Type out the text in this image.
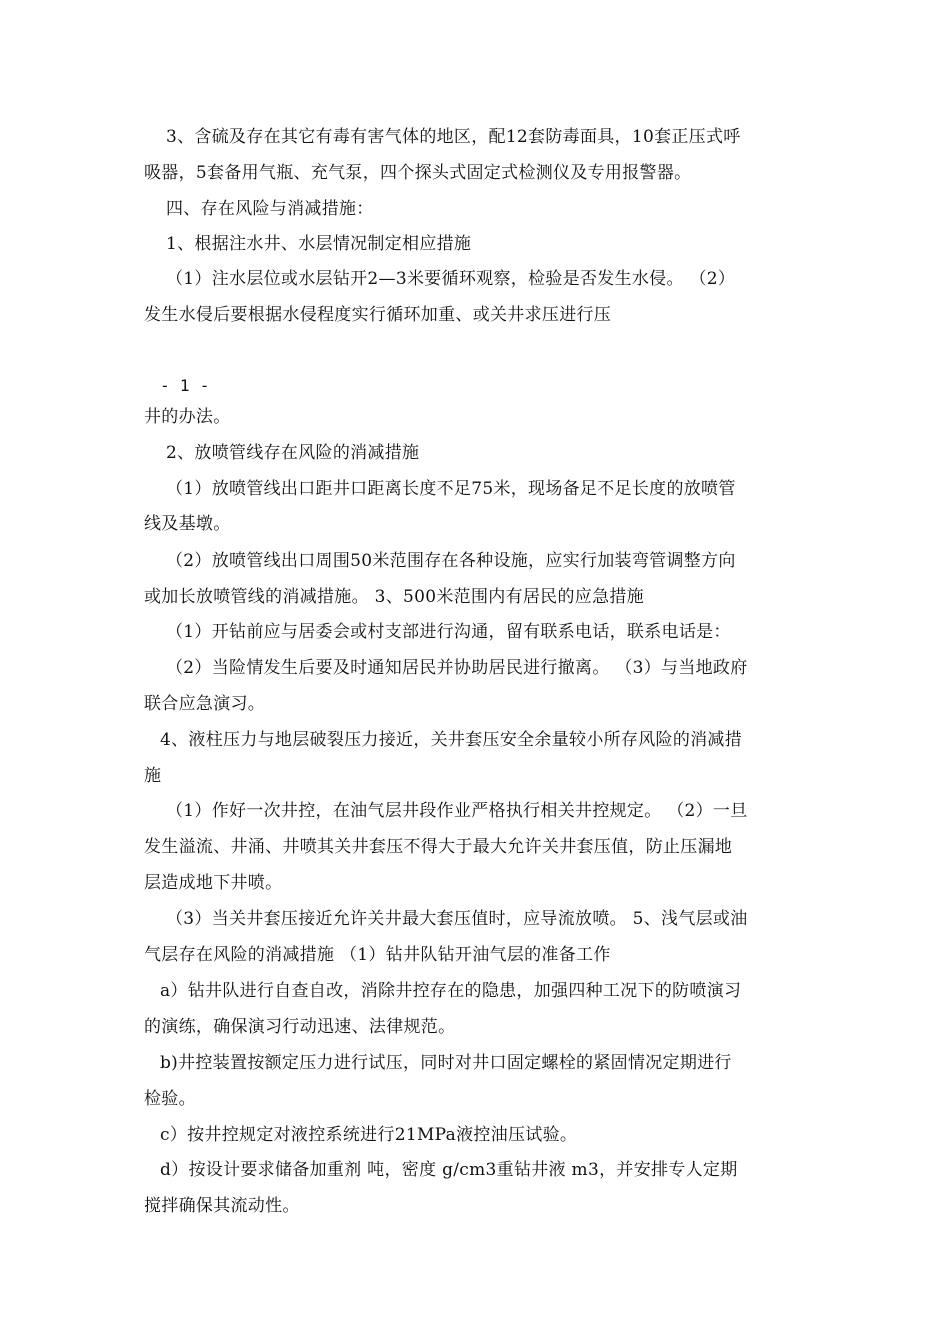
3、含硫及存在其它有毒有害气体的地区，配12套防毒面具，10套正压式呼
吸器，5套备用气瓶、充气泵，四个探头式固定式检测仪及专用报警器。
四、存在风险与消减措施：
1、根据注水井、水层情况制定相应措施
（1）注水层位或水层钻开2—3米要循环观察，检验是否发生水侵。 （2）
发生水侵后要根据水侵程度实行循环加重、或关井求压进行压
- 1 -
井的办法。
2、放喷管线存在风险的消减措施
（1）放喷管线出口距井口距离长度不足75米，现场备足不足长度的放喷管
线及基墩。
（2）放喷管线出口周围50米范围存在各种设施，应实行加装弯管调整方向
或加长放喷管线的消减措施。 3、500米范围内有居民的应急措施
（1）开钻前应与居委会或村支部进行沟通，留有联系电话，联系电话是：
（2）当险情发生后要及时通知居民并协助居民进行撤离。 （3）与当地政府
联合应急演习。
4、液柱压力与地层破裂压力接近，关井套压安全余量较小所存风险的消减措
施
（1）作好一次井控，在油气层井段作业严格执行相关井控规定。 （2）一旦
发生溢流、井涌、井喷其关井套压不得大于最大允许关井套压值，防止压漏地
层造成地下井喷。
（3）当关井套压接近允许关井最大套压值时，应导流放喷。 5、浅气层或油
气层存在风险的消减措施 （1）钻井队钻开油气层的准备工作
a）钻井队进行自查自改，消除井控存在的隐患，加强四种工况下的防喷演习
的演练，确保演习行动迅速、法律规范。
b)井控装置按额定压力进行试压，同时对井口固定螺栓的紧固情况定期进行
检验。
c）按井控规定对液控系统进行21MPa液控油压试验。
d）按设计要求储备加重剂 吨，密度 g/cm3重钻井液 m3，并安排专人定期
搅拌确保其流动性。
